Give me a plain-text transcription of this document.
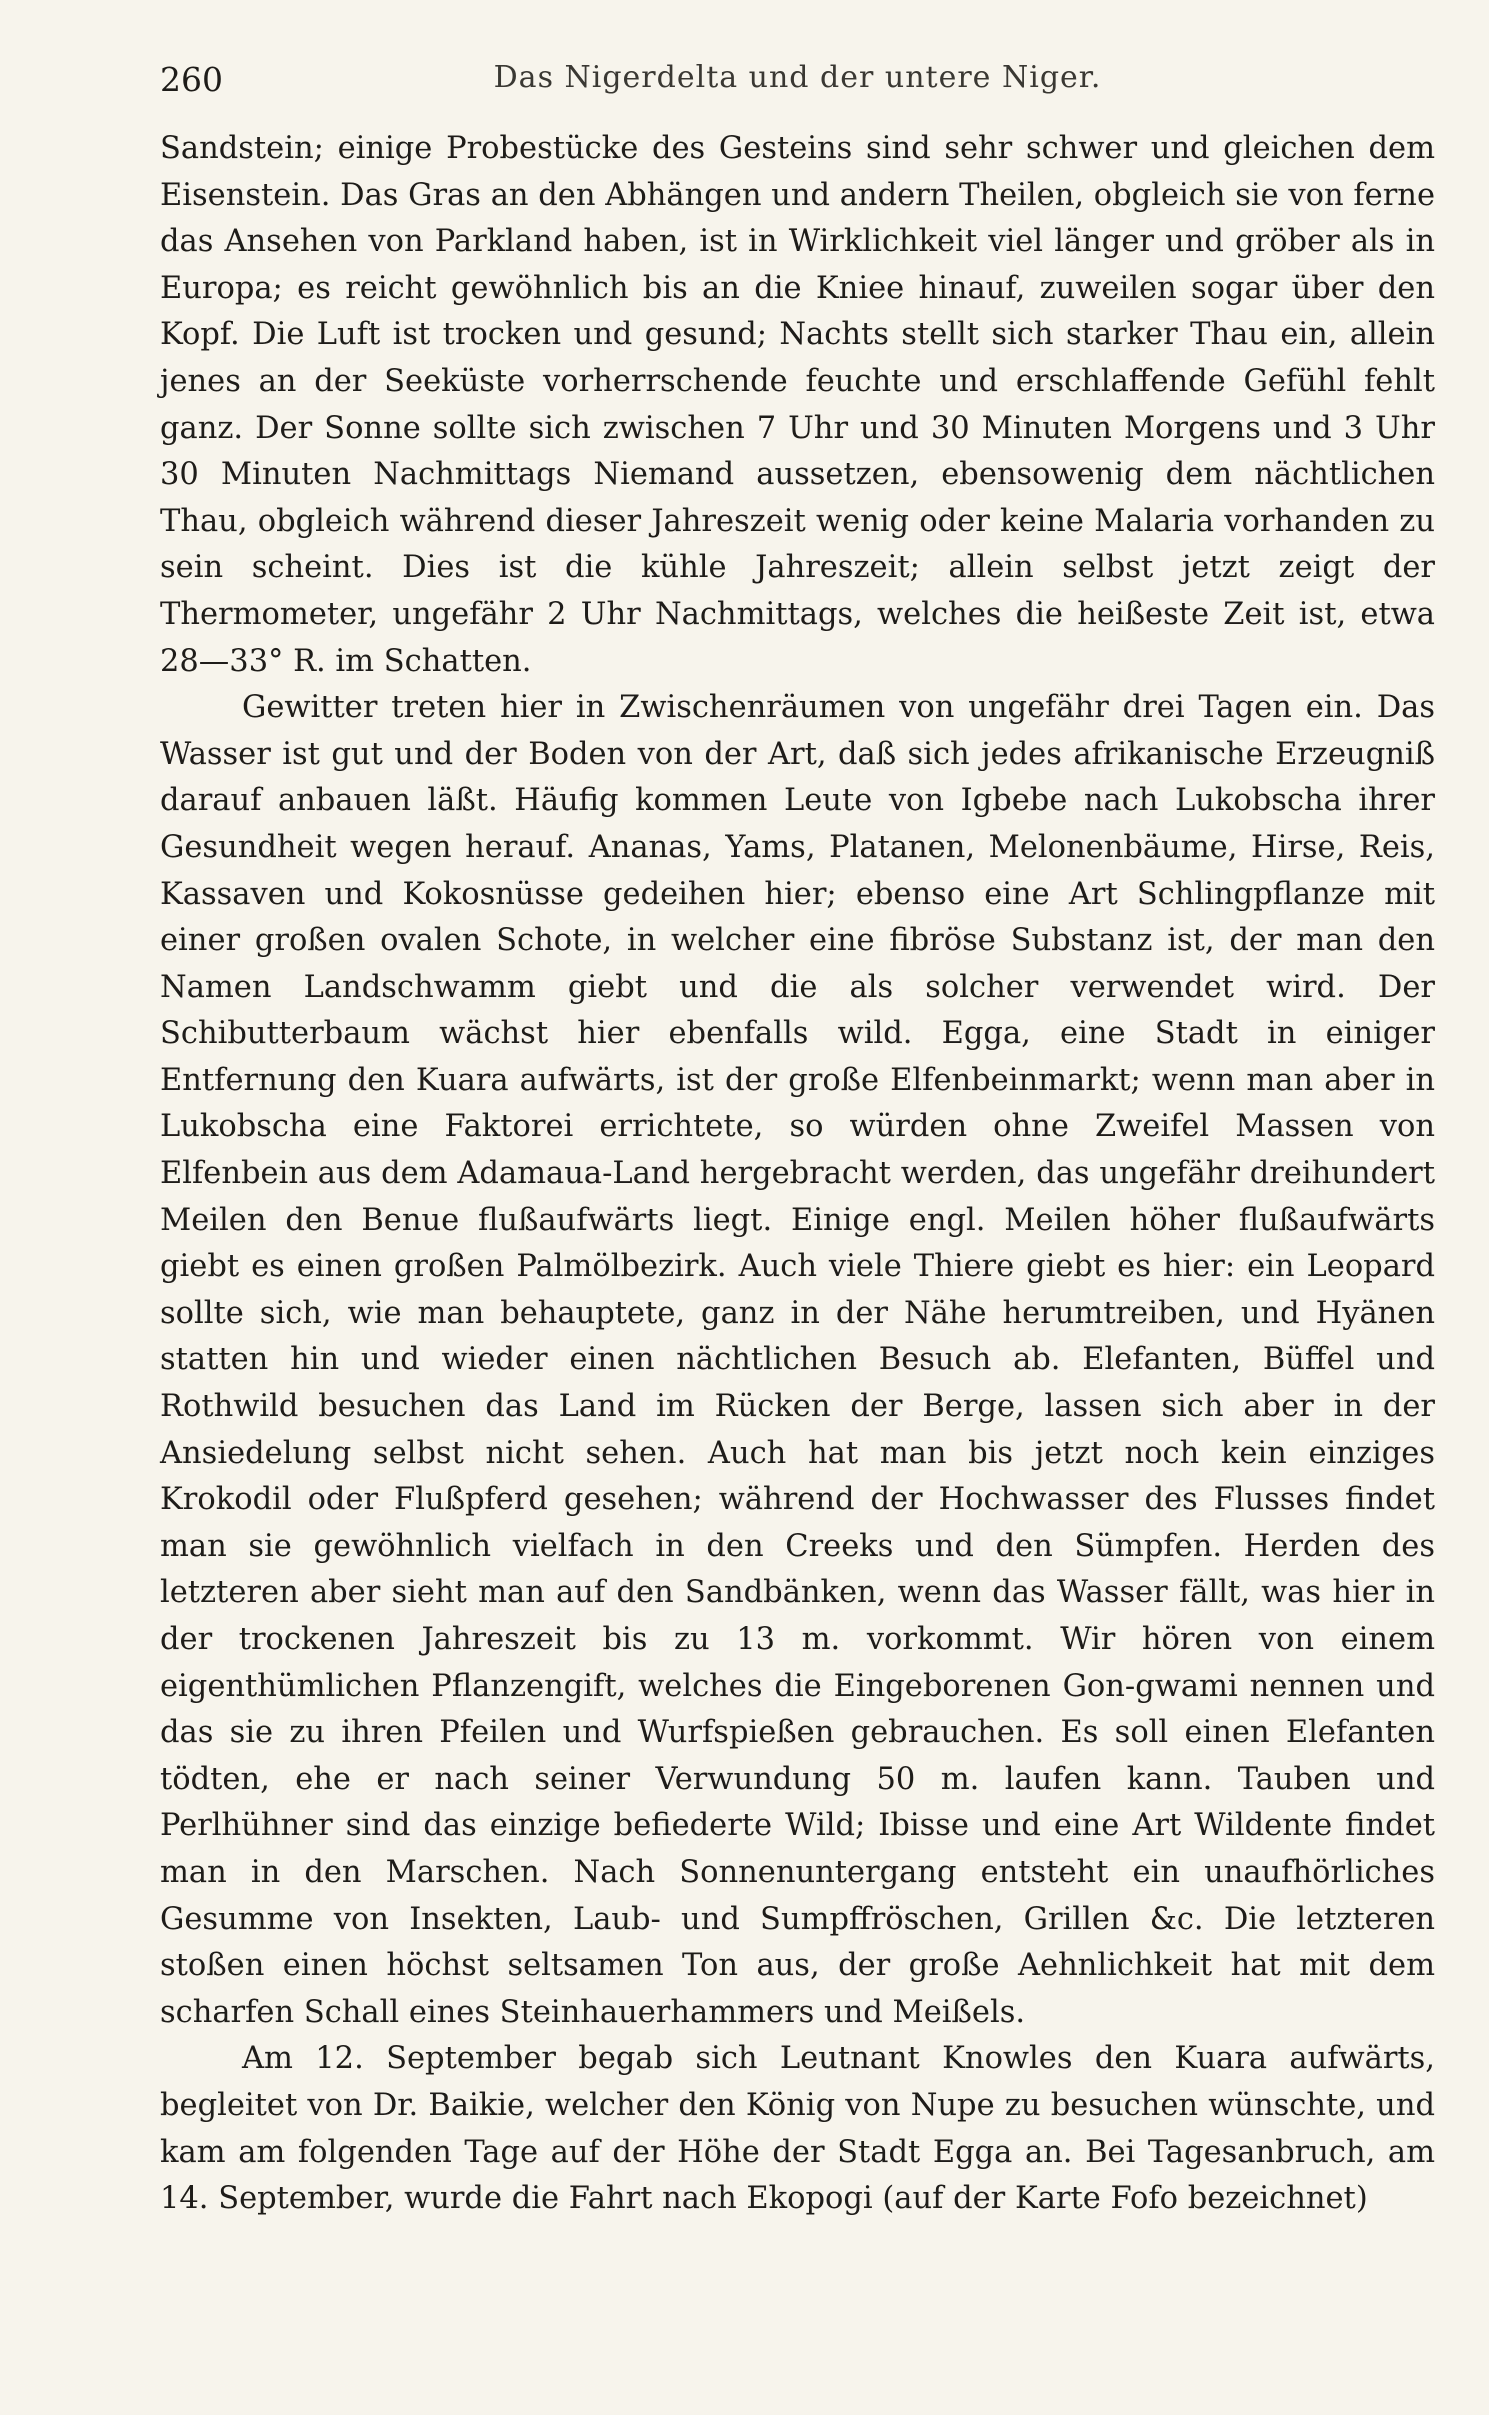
260	Das Nigerdelta und der untere Niger.

Sandstein; einige Probestücke des Gesteins sind sehr schwer und gleichen dem Eisenstein. Das Gras an den Abhängen und andern Theilen, obgleich sie von ferne das Ansehen von Parkland haben, ist in Wirklichkeit viel länger und gröber als in Europa; es reicht gewöhnlich bis an die Kniee hinauf, zuweilen sogar über den Kopf. Die Luft ist trocken und gesund; Nachts stellt sich starker Thau ein, allein jenes an der Seeküste vorherrschende feuchte und erschlaffende Gefühl fehlt ganz. Der Sonne sollte sich zwischen 7 Uhr und 30 Minuten Morgens und 3 Uhr 30 Minuten Nachmittags Niemand aussetzen, ebensowenig dem nächtlichen Thau, obgleich während dieser Jahreszeit wenig oder keine Malaria vorhanden zu sein scheint. Dies ist die kühle Jahreszeit; allein selbst jetzt zeigt der Thermometer, ungefähr 2 Uhr Nachmittags, welches die heißeste Zeit ist, etwa 28—33° R. im Schatten.

Gewitter treten hier in Zwischenräumen von ungefähr drei Tagen ein. Das Wasser ist gut und der Boden von der Art, daß sich jedes afrikanische Erzeugniß darauf anbauen läßt. Häufig kommen Leute von Igbebe nach Lukobscha ihrer Gesundheit wegen herauf. Ananas, Yams, Platanen, Melonenbäume, Hirse, Reis, Kassaven und Kokosnüsse gedeihen hier; ebenso eine Art Schlingpflanze mit einer großen ovalen Schote, in welcher eine fibröse Substanz ist, der man den Namen Landschwamm giebt und die als solcher verwendet wird. Der Schibutterbaum wächst hier ebenfalls wild. Egga, eine Stadt in einiger Entfernung den Kuara aufwärts, ist der große Elfenbeinmarkt; wenn man aber in Lukobscha eine Faktorei errichtete, so würden ohne Zweifel Massen von Elfenbein aus dem Adamaua-Land hergebracht werden, das ungefähr dreihundert Meilen den Benue flußaufwärts liegt. Einige engl. Meilen höher flußaufwärts giebt es einen großen Palmölbezirk. Auch viele Thiere giebt es hier: ein Leopard sollte sich, wie man behauptete, ganz in der Nähe herumtreiben, und Hyänen statten hin und wieder einen nächtlichen Besuch ab. Elefanten, Büffel und Rothwild besuchen das Land im Rücken der Berge, lassen sich aber in der Ansiedelung selbst nicht sehen. Auch hat man bis jetzt noch kein einziges Krokodil oder Flußpferd gesehen; während der Hochwasser des Flusses findet man sie gewöhnlich vielfach in den Creeks und den Sümpfen. Herden des letzteren aber sieht man auf den Sandbänken, wenn das Wasser fällt, was hier in der trockenen Jahreszeit bis zu 13 m. vorkommt. Wir hören von einem eigenthümlichen Pflanzengift, welches die Eingeborenen Gon-gwami nennen und das sie zu ihren Pfeilen und Wurfspießen gebrauchen. Es soll einen Elefanten tödten, ehe er nach seiner Verwundung 50 m. laufen kann. Tauben und Perlhühner sind das einzige befiederte Wild; Ibisse und eine Art Wildente findet man in den Marschen. Nach Sonnenuntergang entsteht ein unaufhörliches Gesumme von Insekten, Laub- und Sumpffröschen, Grillen &c. Die letzteren stoßen einen höchst seltsamen Ton aus, der große Aehnlichkeit hat mit dem scharfen Schall eines Steinhauerhammers und Meißels.

Am 12. September begab sich Leutnant Knowles den Kuara aufwärts, begleitet von Dr. Baikie, welcher den König von Nupe zu besuchen wünschte, und kam am folgenden Tage auf der Höhe der Stadt Egga an. Bei Tagesanbruch, am 14. September, wurde die Fahrt nach Ekopogi (auf der Karte Fofo bezeichnet)
